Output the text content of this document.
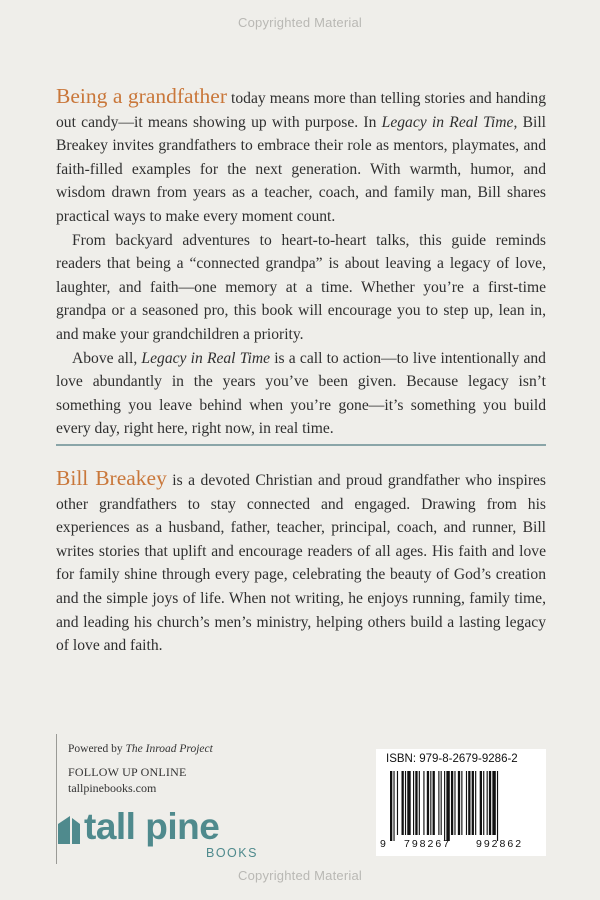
Copyrighted Material

Being a grandfather today means more than telling stories and handing out candy—it means showing up with purpose. In Legacy in Real Time, Bill Breakey invites grandfathers to embrace their role as mentors, playmates, and faith-filled examples for the next generation. With warmth, humor, and wisdom drawn from years as a teacher, coach, and family man, Bill shares practical ways to make every moment count.

From backyard adventures to heart-to-heart talks, this guide reminds readers that being a “connected grandpa” is about leaving a legacy of love, laughter, and faith—one memory at a time. Whether you’re a first-time grandpa or a seasoned pro, this book will encourage you to step up, lean in, and make your grandchildren a priority.

Above all, Legacy in Real Time is a call to action—to live intentionally and love abundantly in the years you’ve been given. Because legacy isn’t something you leave behind when you’re gone—it’s something you build every day, right here, right now, in real time.

Bill Breakey is a devoted Christian and proud grandfather who inspires other grandfathers to stay connected and engaged. Drawing from his experiences as a husband, father, teacher, principal, coach, and runner, Bill writes stories that uplift and encourage readers of all ages. His faith and love for family shine through every page, celebrating the beauty of God’s creation and the simple joys of life. When not writing, he enjoys running, family time, and leading his church’s men’s ministry, helping others build a lasting legacy of love and faith.

Powered by The Inroad Project
FOLLOW UP ONLINE
tallpinebooks.com
tall pine
BOOKS
ISBN: 979-8-2679-9286-2
9 798267 992862
Copyrighted Material
